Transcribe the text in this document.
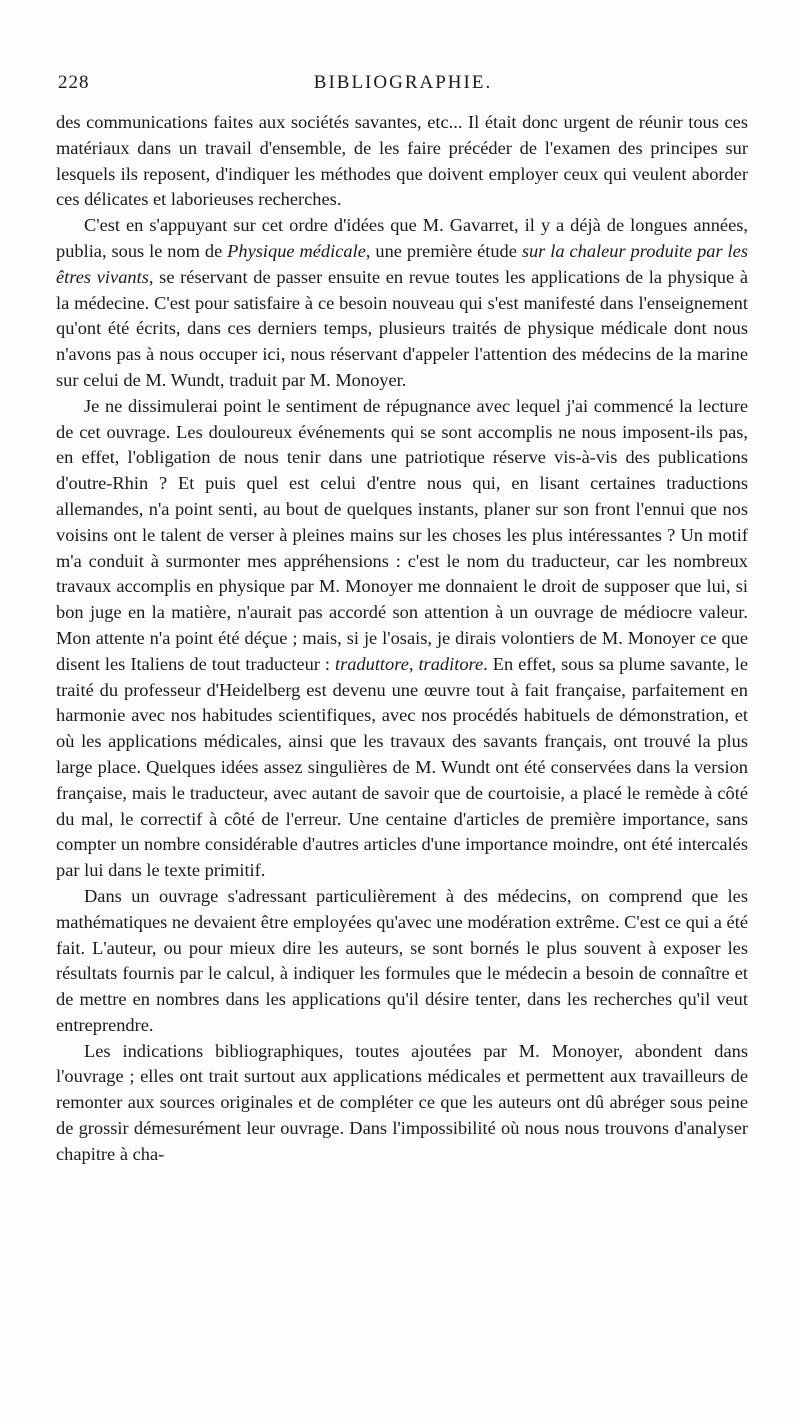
228	BIBLIOGRAPHIE.

des communications faites aux sociétés savantes, etc... Il était donc urgent de réunir tous ces matériaux dans un travail d'ensemble, de les faire précéder de l'examen des principes sur lesquels ils reposent, d'indiquer les méthodes que doivent employer ceux qui veulent aborder ces délicates et laborieuses recherches.

C'est en s'appuyant sur cet ordre d'idées que M. Gavarret, il y a déjà de longues années, publia, sous le nom de Physique médicale, une première étude sur la chaleur produite par les êtres vivants, se réservant de passer ensuite en revue toutes les applications de la physique à la médecine. C'est pour satisfaire à ce besoin nouveau qui s'est manifesté dans l'enseignement qu'ont été écrits, dans ces derniers temps, plusieurs traités de physique médicale dont nous n'avons pas à nous occuper ici, nous réservant d'appeler l'attention des médecins de la marine sur celui de M. Wundt, traduit par M. Monoyer.

Je ne dissimulerai point le sentiment de répugnance avec lequel j'ai commencé la lecture de cet ouvrage. Les douloureux événements qui se sont accomplis ne nous imposent-ils pas, en effet, l'obligation de nous tenir dans une patriotique réserve vis-à-vis des publications d'outre-Rhin ? Et puis quel est celui d'entre nous qui, en lisant certaines traductions allemandes, n'a point senti, au bout de quelques instants, planer sur son front l'ennui que nos voisins ont le talent de verser à pleines mains sur les choses les plus intéressantes ? Un motif m'a conduit à surmonter mes appréhensions : c'est le nom du traducteur, car les nombreux travaux accomplis en physique par M. Monoyer me donnaient le droit de supposer que lui, si bon juge en la matière, n'aurait pas accordé son attention à un ouvrage de médiocre valeur. Mon attente n'a point été déçue ; mais, si je l'osais, je dirais volontiers de M. Monoyer ce que disent les Italiens de tout traducteur : traduttore, traditore. En effet, sous sa plume savante, le traité du professeur d'Heidelberg est devenu une œuvre tout à fait française, parfaitement en harmonie avec nos habitudes scientifiques, avec nos procédés habituels de démonstration, et où les applications médicales, ainsi que les travaux des savants français, ont trouvé la plus large place. Quelques idées assez singulières de M. Wundt ont été conservées dans la version française, mais le traducteur, avec autant de savoir que de courtoisie, a placé le remède à côté du mal, le correctif à côté de l'erreur. Une centaine d'articles de première importance, sans compter un nombre considérable d'autres articles d'une importance moindre, ont été intercalés par lui dans le texte primitif.

Dans un ouvrage s'adressant particulièrement à des médecins, on comprend que les mathématiques ne devaient être employées qu'avec une modération extrême. C'est ce qui a été fait. L'auteur, ou pour mieux dire les auteurs, se sont bornés le plus souvent à exposer les résultats fournis par le calcul, à indiquer les formules que le médecin a besoin de connaître et de mettre en nombres dans les applications qu'il désire tenter, dans les recherches qu'il veut entreprendre.

Les indications bibliographiques, toutes ajoutées par M. Monoyer, abondent dans l'ouvrage ; elles ont trait surtout aux applications médicales et permettent aux travailleurs de remonter aux sources originales et de compléter ce que les auteurs ont dû abréger sous peine de grossir démesurément leur ouvrage. Dans l'impossibilité où nous nous trouvons d'analyser chapitre à cha-
